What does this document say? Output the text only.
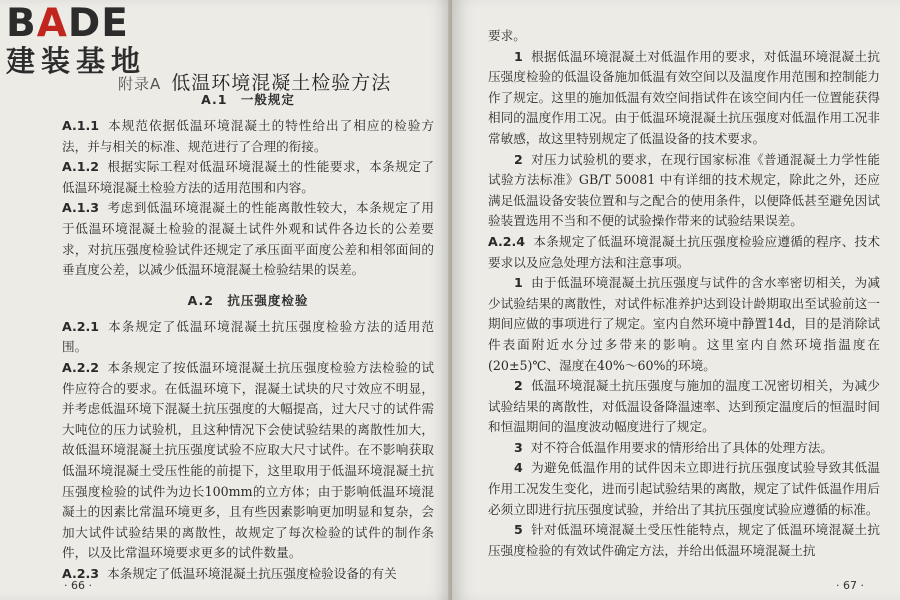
BADE
建装基地
附录A 低温环境混凝土检验方法
A.1　一般规定

A.1.1 本规范依据低温环境混凝土的特性给出了相应的检验方法，并与相关的标准、规范进行了合理的衔接。

A.1.2 根据实际工程对低温环境混凝土的性能要求，本条规定了低温环境混凝土检验方法的适用范围和内容。

A.1.3 考虑到低温环境混凝土的性能离散性较大，本条规定了用于低温环境混凝土检验的混凝土试件外观和试件各边长的公差要求，对抗压强度检验试件还规定了承压面平面度公差和相邻面间的垂直度公差，以减少低温环境混凝土检验结果的误差。

A.2　抗压强度检验

A.2.1 本条规定了低温环境混凝土抗压强度检验方法的适用范围。

A.2.2 本条规定了按低温环境混凝土抗压强度检验方法检验的试件应符合的要求。在低温环境下，混凝土试块的尺寸效应不明显，并考虑低温环境下混凝土抗压强度的大幅提高，过大尺寸的试件需大吨位的压力试验机，且这种情况下会使试验结果的离散性加大，故低温环境混凝土抗压强度试验不应取大尺寸试件。在不影响获取低温环境混凝土受压性能的前提下，这里取用于低温环境混凝土抗压强度检验的试件为边长100mm的立方体；由于影响低温环境混凝土的因素比常温环境更多，且有些因素影响更加明显和复杂，会加大试件试验结果的离散性，故规定了每次检验的试件的制作条件，以及比常温环境要求更多的试件数量。

A.2.3 本条规定了低温环境混凝土抗压强度检验设备的有关

· 66 ·

要求。

1 根据低温环境混凝土对低温作用的要求，对低温环境混凝土抗压强度检验的低温设备施加低温有效空间以及温度作用范围和控制能力作了规定。这里的施加低温有效空间指试件在该空间内任一位置能获得相同的温度作用工况。由于低温环境混凝土抗压强度对低温作用工况非常敏感，故这里特别规定了低温设备的技术要求。

2 对压力试验机的要求，在现行国家标准《普通混凝土力学性能试验方法标准》GB/T 50081 中有详细的技术规定，除此之外，还应满足低温设备安装位置和与之配合的使用条件，以便降低甚至避免因试验装置选用不当和不便的试验操作带来的试验结果误差。

A.2.4 本条规定了低温环境混凝土抗压强度检验应遵循的程序、技术要求以及应急处理方法和注意事项。

1 由于低温环境混凝土抗压强度与试件的含水率密切相关，为减少试验结果的离散性，对试件标准养护达到设计龄期取出至试验前这一期间应做的事项进行了规定。室内自然环境中静置14d，目的是消除试件表面附近水分过多带来的影响。这里室内自然环境指温度在(20±5)℃、湿度在40%～60%的环境。

2 低温环境混凝土抗压强度与施加的温度工况密切相关，为减少试验结果的离散性，对低温设备降温速率、达到预定温度后的恒温时间和恒温期间的温度波动幅度进行了规定。

3 对不符合低温作用要求的情形给出了具体的处理方法。

4 为避免低温作用的试件因未立即进行抗压强度试验导致其低温作用工况发生变化，进而引起试验结果的离散，规定了试件低温作用后必须立即进行抗压强度试验，并给出了其抗压强度试验应遵循的标准。

5 针对低温环境混凝土受压性能特点，规定了低温环境混凝土抗压强度检验的有效试件确定方法，并给出低温环境混凝土抗

· 67 ·
